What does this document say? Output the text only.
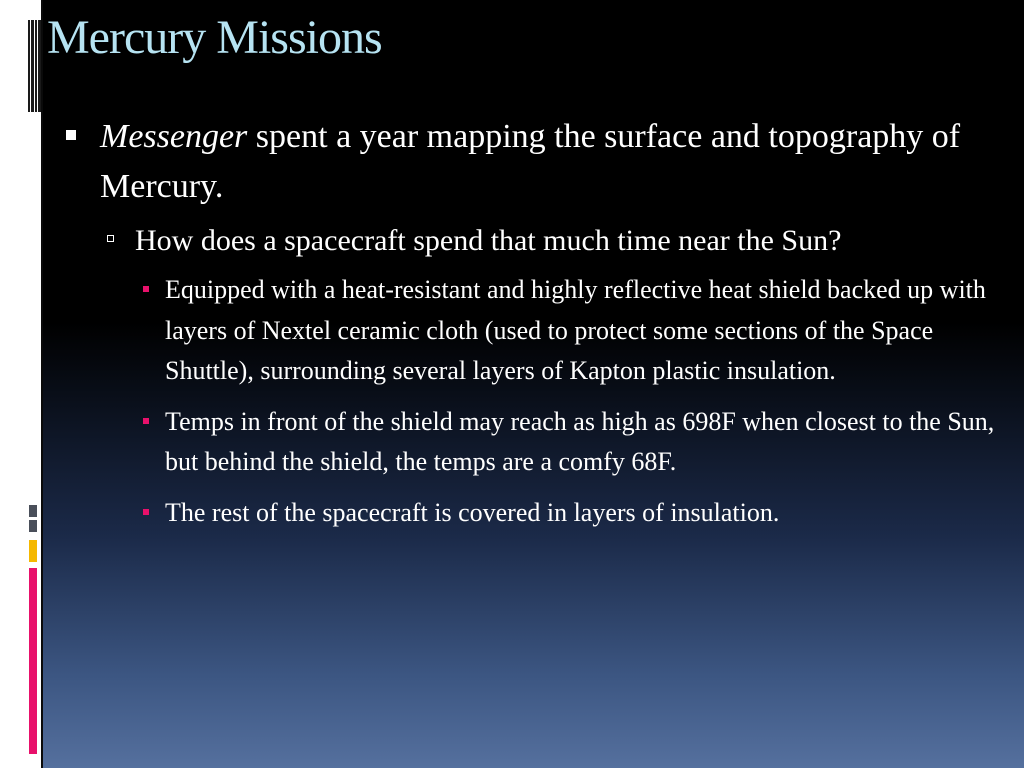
Mercury Missions
Messenger spent a year mapping the surface and topography of Mercury.
How does a spacecraft spend that much time near the Sun?
Equipped with a heat-resistant and highly reflective heat shield backed up with layers of Nextel ceramic cloth (used to protect some sections of the Space Shuttle), surrounding several layers of Kapton plastic insulation.
Temps in front of the shield may reach as high as 698F when closest to the Sun, but behind the shield, the temps are a comfy 68F.
The rest of the spacecraft is covered in layers of insulation.
